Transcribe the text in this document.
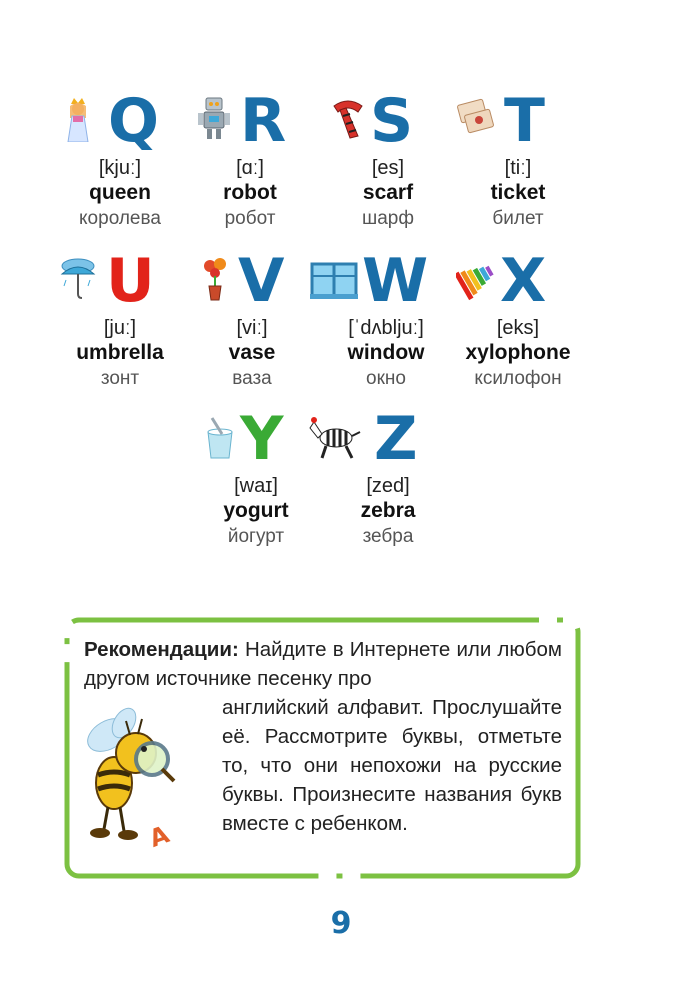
Q
[kjuː]
queen
королева
R
[ɑː]
robot
робот
S
[es]
scarf
шарф
T
[tiː]
ticket
билет
U
[juː]
umbrella
зонт
V
[viː]
vase
ваза
W
[ˈdʌbljuː]
window
окно
X
[eks]
xylophone
ксилофон
Y
[waɪ]
yogurt
йогурт
Z
[zed]
zebra
зебра
Рекомендации: Найдите в Интернете или любом другом источнике песенку про
английский алфавит. Прослушайте её. Рассмотрите буквы, отметьте то, что они непохожи на русские буквы. Произнесите названия букв вместе с ребенком.
А
9
